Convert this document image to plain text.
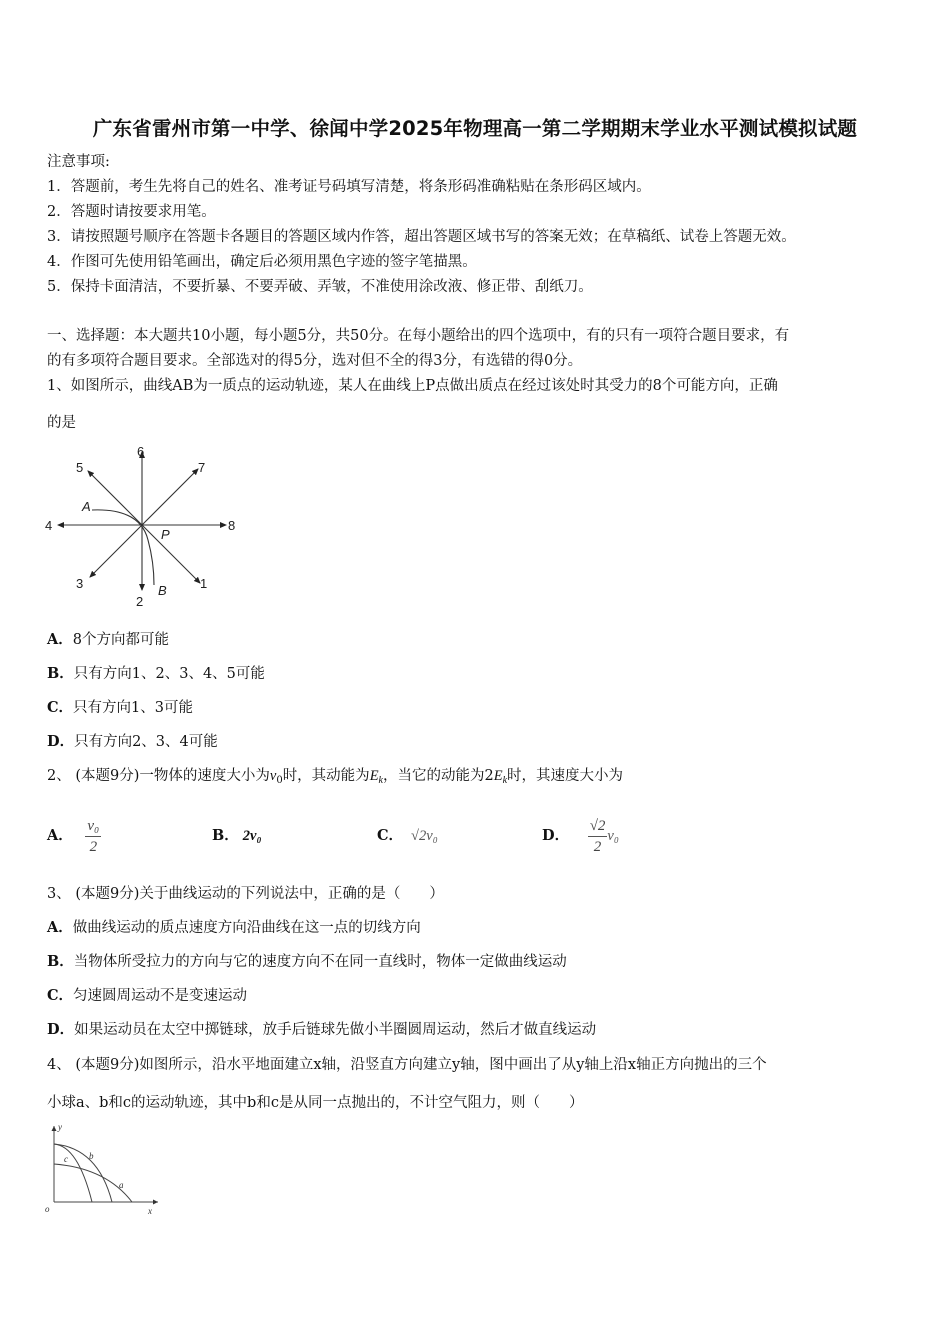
广东省雷州市第一中学、徐闻中学2025年物理高一第二学期期末学业水平测试模拟试题
注意事项:
1．答题前，考生先将自己的姓名、准考证号码填写清楚，将条形码准确粘贴在条形码区域内。
2．答题时请按要求用笔。
3．请按照题号顺序在答题卡各题目的答题区域内作答，超出答题区域书写的答案无效；在草稿纸、试卷上答题无效。
4．作图可先使用铅笔画出，确定后必须用黑色字迹的签字笔描黑。
5．保持卡面清洁，不要折暴、不要弄破、弄皱，不准使用涂改液、修正带、刮纸刀。
一、选择题：本大题共10小题，每小题5分，共50分。在每小题给出的四个选项中，有的只有一项符合题目要求，有
的有多项符合题目要求。全部选对的得5分，选对但不全的得3分，有选错的得0分。
1、如图所示，曲线AB为一质点的运动轨迹，某人在曲线上P点做出质点在经过该处时其受力的8个可能方向，正确
的是
1
2
3
4
5
6
7
8
A
B
P
A．8个方向都可能
B．只有方向1、2、3、4、5可能
C．只有方向1、3可能
D．只有方向2、3、4可能
2、 (本题9分)一物体的速度大小为$v_0$时，其动能为$E_k$，当它的动能为$2E_k$时，其速度大小为
A． $\frac{\text{v₀}}{2}$	B． 2v₀	C． √2v₀	D． $\frac{√2}{2} v_0$
3、 (本题9分)关于曲线运动的下列说法中，正确的是（　　）
A．做曲线运动的质点速度方向沿曲线在这一点的切线方向
B．当物体所受拉力的方向与它的速度方向不在同一直线时，物体一定做曲线运动
C．匀速圆周运动不是变速运动
D．如果运动员在太空中掷链球，放手后链球先做小半圈圆周运动，然后才做直线运动
4、 (本题9分)如图所示，沿水平地面建立x轴，沿竖直方向建立y轴，图中画出了从y轴上沿x轴正方向抛出的三个
小球a、b和c的运动轨迹，其中b和c是从同一点抛出的，不计空气阻力，则（　　）
y
o	x
a
b
c
